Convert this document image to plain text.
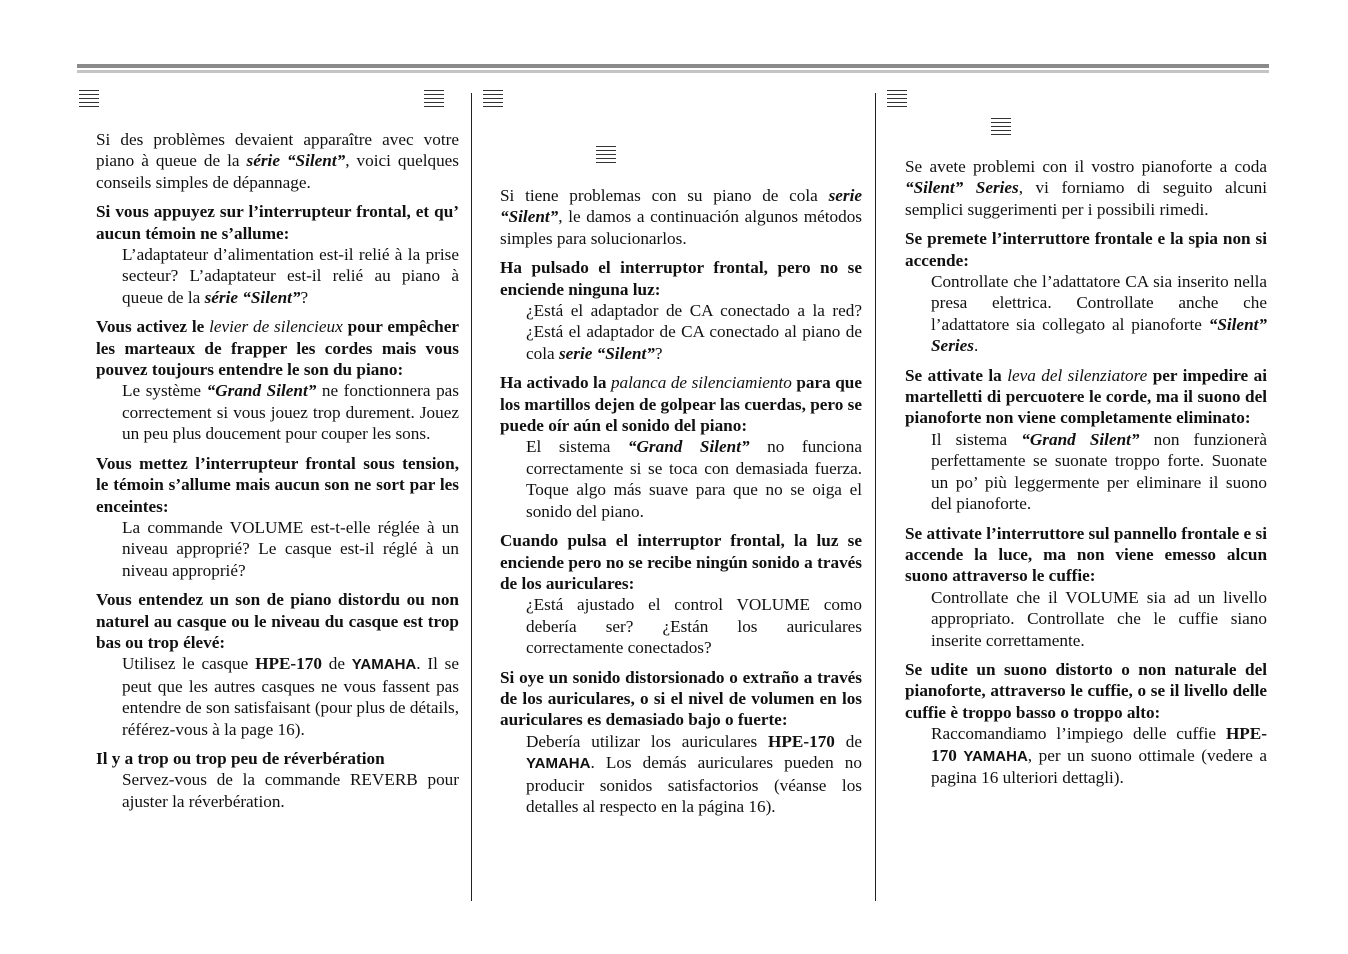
Si des problèmes devaient apparaître avec votre piano à queue de la série “Silent”, voici quelques conseils simples de dépannage.

Si vous appuyez sur l’interrupteur frontal, et qu’ aucun témoin ne s’allume:

L’adaptateur d’alimentation est-il relié à la prise secteur? L’adaptateur est-il relié au piano à queue de la série “Silent”?

Vous activez le levier de silencieux pour empêcher les marteaux de frapper les cordes mais vous pouvez toujours entendre le son du piano:

Le système “Grand Silent” ne fonctionnera pas correctement si vous jouez trop durement. Jouez un peu plus doucement pour couper les sons.

Vous mettez l’interrupteur frontal sous tension, le témoin s’allume mais aucun son ne sort par les enceintes:

La commande VOLUME est-t-elle réglée à un niveau approprié? Le casque est-il réglé à un niveau approprié?

Vous entendez un son de piano distordu ou non naturel au casque ou le niveau du casque est trop bas ou trop élevé:

Utilisez le casque HPE-170 de YAMAHA. Il se peut que les autres casques ne vous fassent pas entendre de son satisfaisant (pour plus de détails, référez-vous à la page 16).

Il y a trop ou trop peu de réverbération

Servez-vous de la commande REVERB pour ajuster la réverbération.

Si tiene problemas con su piano de cola serie “Silent”, le damos a continuación algunos métodos simples para solucionarlos.

Ha pulsado el interruptor frontal, pero no se enciende ninguna luz:

¿Está el adaptador de CA conectado a la red? ¿Está el adaptador de CA conectado al piano de cola serie “Silent”?

Ha activado la palanca de silenciamiento para que los martillos dejen de golpear las cuerdas, pero se puede oír aún el sonido del piano:

El sistema “Grand Silent” no funciona correctamente si se toca con demasiada fuerza. Toque algo más suave para que no se oiga el sonido del piano.

Cuando pulsa el interruptor frontal, la luz se enciende pero no se recibe ningún sonido a través de los auriculares:

¿Está ajustado el control VOLUME como debería ser? ¿Están los auriculares correctamente conectados?

Si oye un sonido distorsionado o extraño a través de los auriculares, o si el nivel de volumen en los auriculares es demasiado bajo o fuerte:

Debería utilizar los auriculares HPE-170 de YAMAHA. Los demás auriculares pueden no producir sonidos satisfactorios (véanse los detalles al respecto en la página 16).

Se avete problemi con il vostro pianoforte a coda “Silent” Series, vi forniamo di seguito alcuni semplici suggerimenti per i possibili rimedi.

Se premete l’interruttore frontale e la spia non si accende:

Controllate che l’adattatore CA sia inserito nella presa elettrica. Controllate anche che l’adattatore sia collegato al pianoforte “Silent” Series.

Se attivate la leva del silenziatore per impedire ai martelletti di percuotere le corde, ma il suono del pianoforte non viene completamente eliminato:

Il sistema “Grand Silent” non funzionerà perfettamente se suonate troppo forte. Suonate un po’ più leggermente per eliminare il suono del pianoforte.

Se attivate l’interruttore sul pannello frontale e si accende la luce, ma non viene emesso alcun suono attraverso le cuffie:

Controllate che il VOLUME sia ad un livello appropriato. Controllate che le cuffie siano inserite correttamente.

Se udite un suono distorto o non naturale del pianoforte, attraverso le cuffie, o se il livello delle cuffie è troppo basso o troppo alto:

Raccomandiamo l’impiego delle cuffie HPE-170 YAMAHA, per un suono ottimale (vedere a pagina 16 ulteriori dettagli).
